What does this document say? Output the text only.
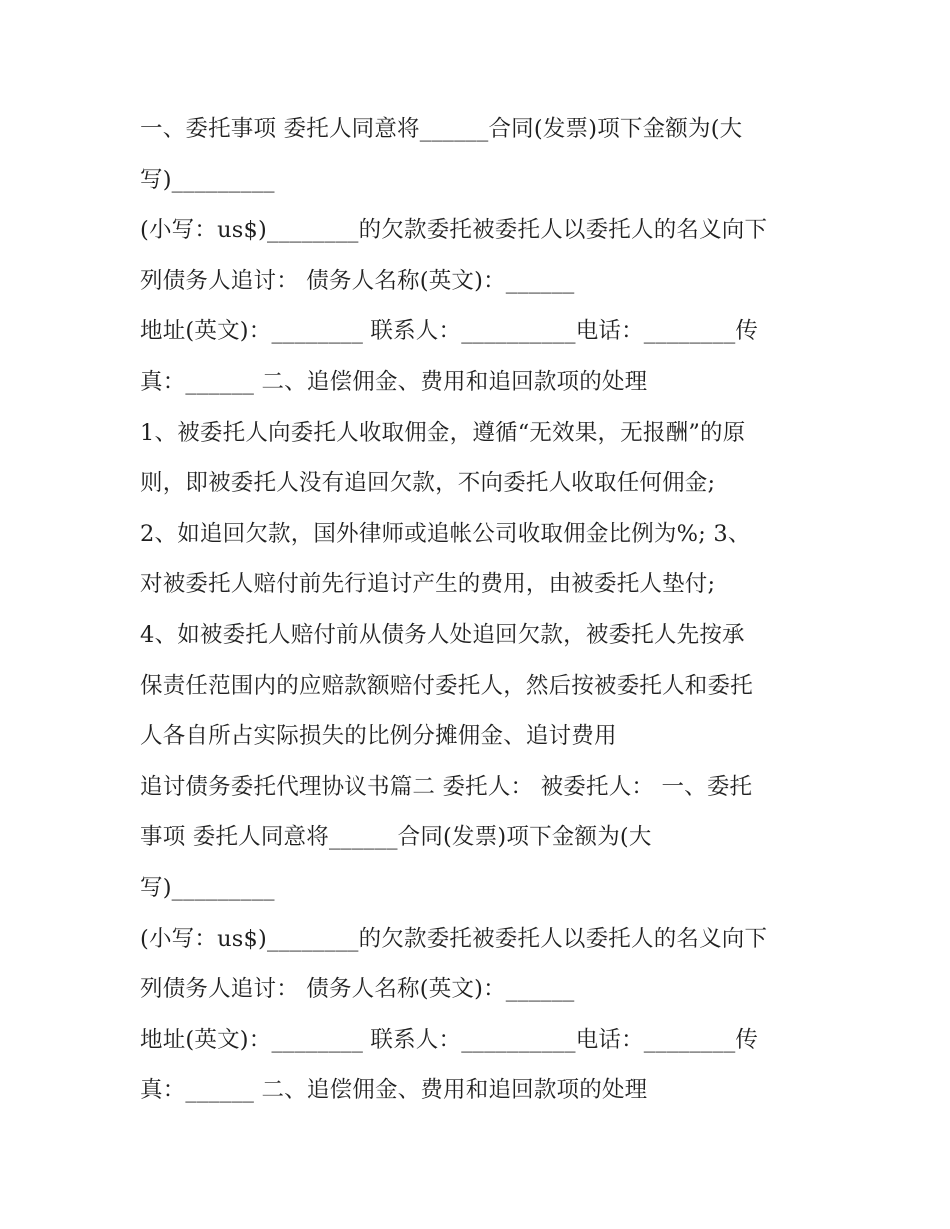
一、委托事项 委托人同意将______合同(发票)项下金额为(大
写)_________
(小写：us$)________的欠款委托被委托人以委托人的名义向下
列债务人追讨： 债务人名称(英文)：______
地址(英文)：________ 联系人：__________电话：________传
真：______ 二、追偿佣金、费用和追回款项的处理
1、被委托人向委托人收取佣金，遵循“无效果，无报酬”的原
则，即被委托人没有追回欠款，不向委托人收取任何佣金;
2、如追回欠款，国外律师或追帐公司收取佣金比例为%; 3、
对被委托人赔付前先行追讨产生的费用，由被委托人垫付;
4、如被委托人赔付前从债务人处追回欠款，被委托人先按承
保责任范围内的应赔款额赔付委托人，然后按被委托人和委托
人各自所占实际损失的比例分摊佣金、追讨费用
追讨债务委托代理协议书篇二 委托人： 被委托人： 一、委托
事项 委托人同意将______合同(发票)项下金额为(大
写)_________
(小写：us$)________的欠款委托被委托人以委托人的名义向下
列债务人追讨： 债务人名称(英文)：______
地址(英文)：________ 联系人：__________电话：________传
真：______ 二、追偿佣金、费用和追回款项的处理
